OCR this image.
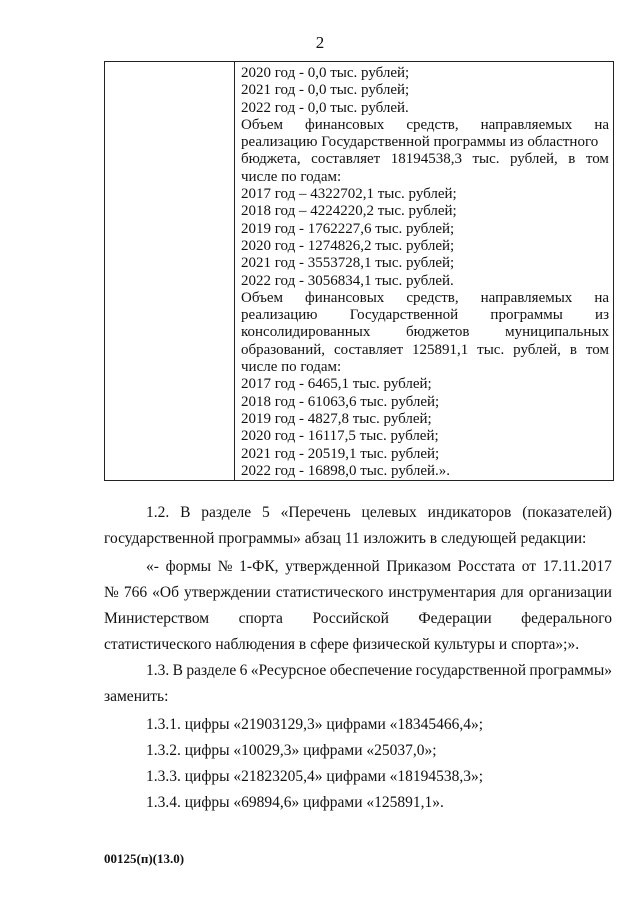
2
2020 год - 0,0 тыс. рублей;
2021 год - 0,0 тыс. рублей;
2022 год - 0,0 тыс. рублей.
Объем финансовых средств, направляемых на
реализацию Государственной программы из областного
бюджета, составляет 18194538,3 тыс. рублей, в том
числе по годам:
2017 год – 4322702,1 тыс. рублей;
2018 год – 4224220,2 тыс. рублей;
2019 год - 1762227,6 тыс. рублей;
2020 год - 1274826,2 тыс. рублей;
2021 год - 3553728,1 тыс. рублей;
2022 год - 3056834,1 тыс. рублей.
Объем финансовых средств, направляемых на
реализацию Государственной программы из
консолидированных бюджетов муниципальных
образований, составляет 125891,1 тыс. рублей, в том
числе по годам:
2017 год - 6465,1 тыс. рублей;
2018 год - 61063,6 тыс. рублей;
2019 год - 4827,8 тыс. рублей;
2020 год - 16117,5 тыс. рублей;
2021 год - 20519,1 тыс. рублей;
2022 год - 16898,0 тыс. рублей.».
1.2. В разделе 5 «Перечень целевых индикаторов (показателей)
государственной программы» абзац 11 изложить в следующей редакции:
«- формы № 1-ФК, утвержденной Приказом Росстата от 17.11.2017
№ 766 «Об утверждении статистического инструментария для организации
Министерством спорта Российской Федерации федерального
статистического наблюдения в сфере физической культуры и спорта»;».
1.3. В разделе 6 «Ресурсное обеспечение государственной программы»
заменить:
1.3.1. цифры «21903129,3» цифрами «18345466,4»;
1.3.2. цифры «10029,3» цифрами «25037,0»;
1.3.3. цифры «21823205,4» цифрами «18194538,3»;
1.3.4. цифры «69894,6» цифрами «125891,1».
00125(п)(13.0)
